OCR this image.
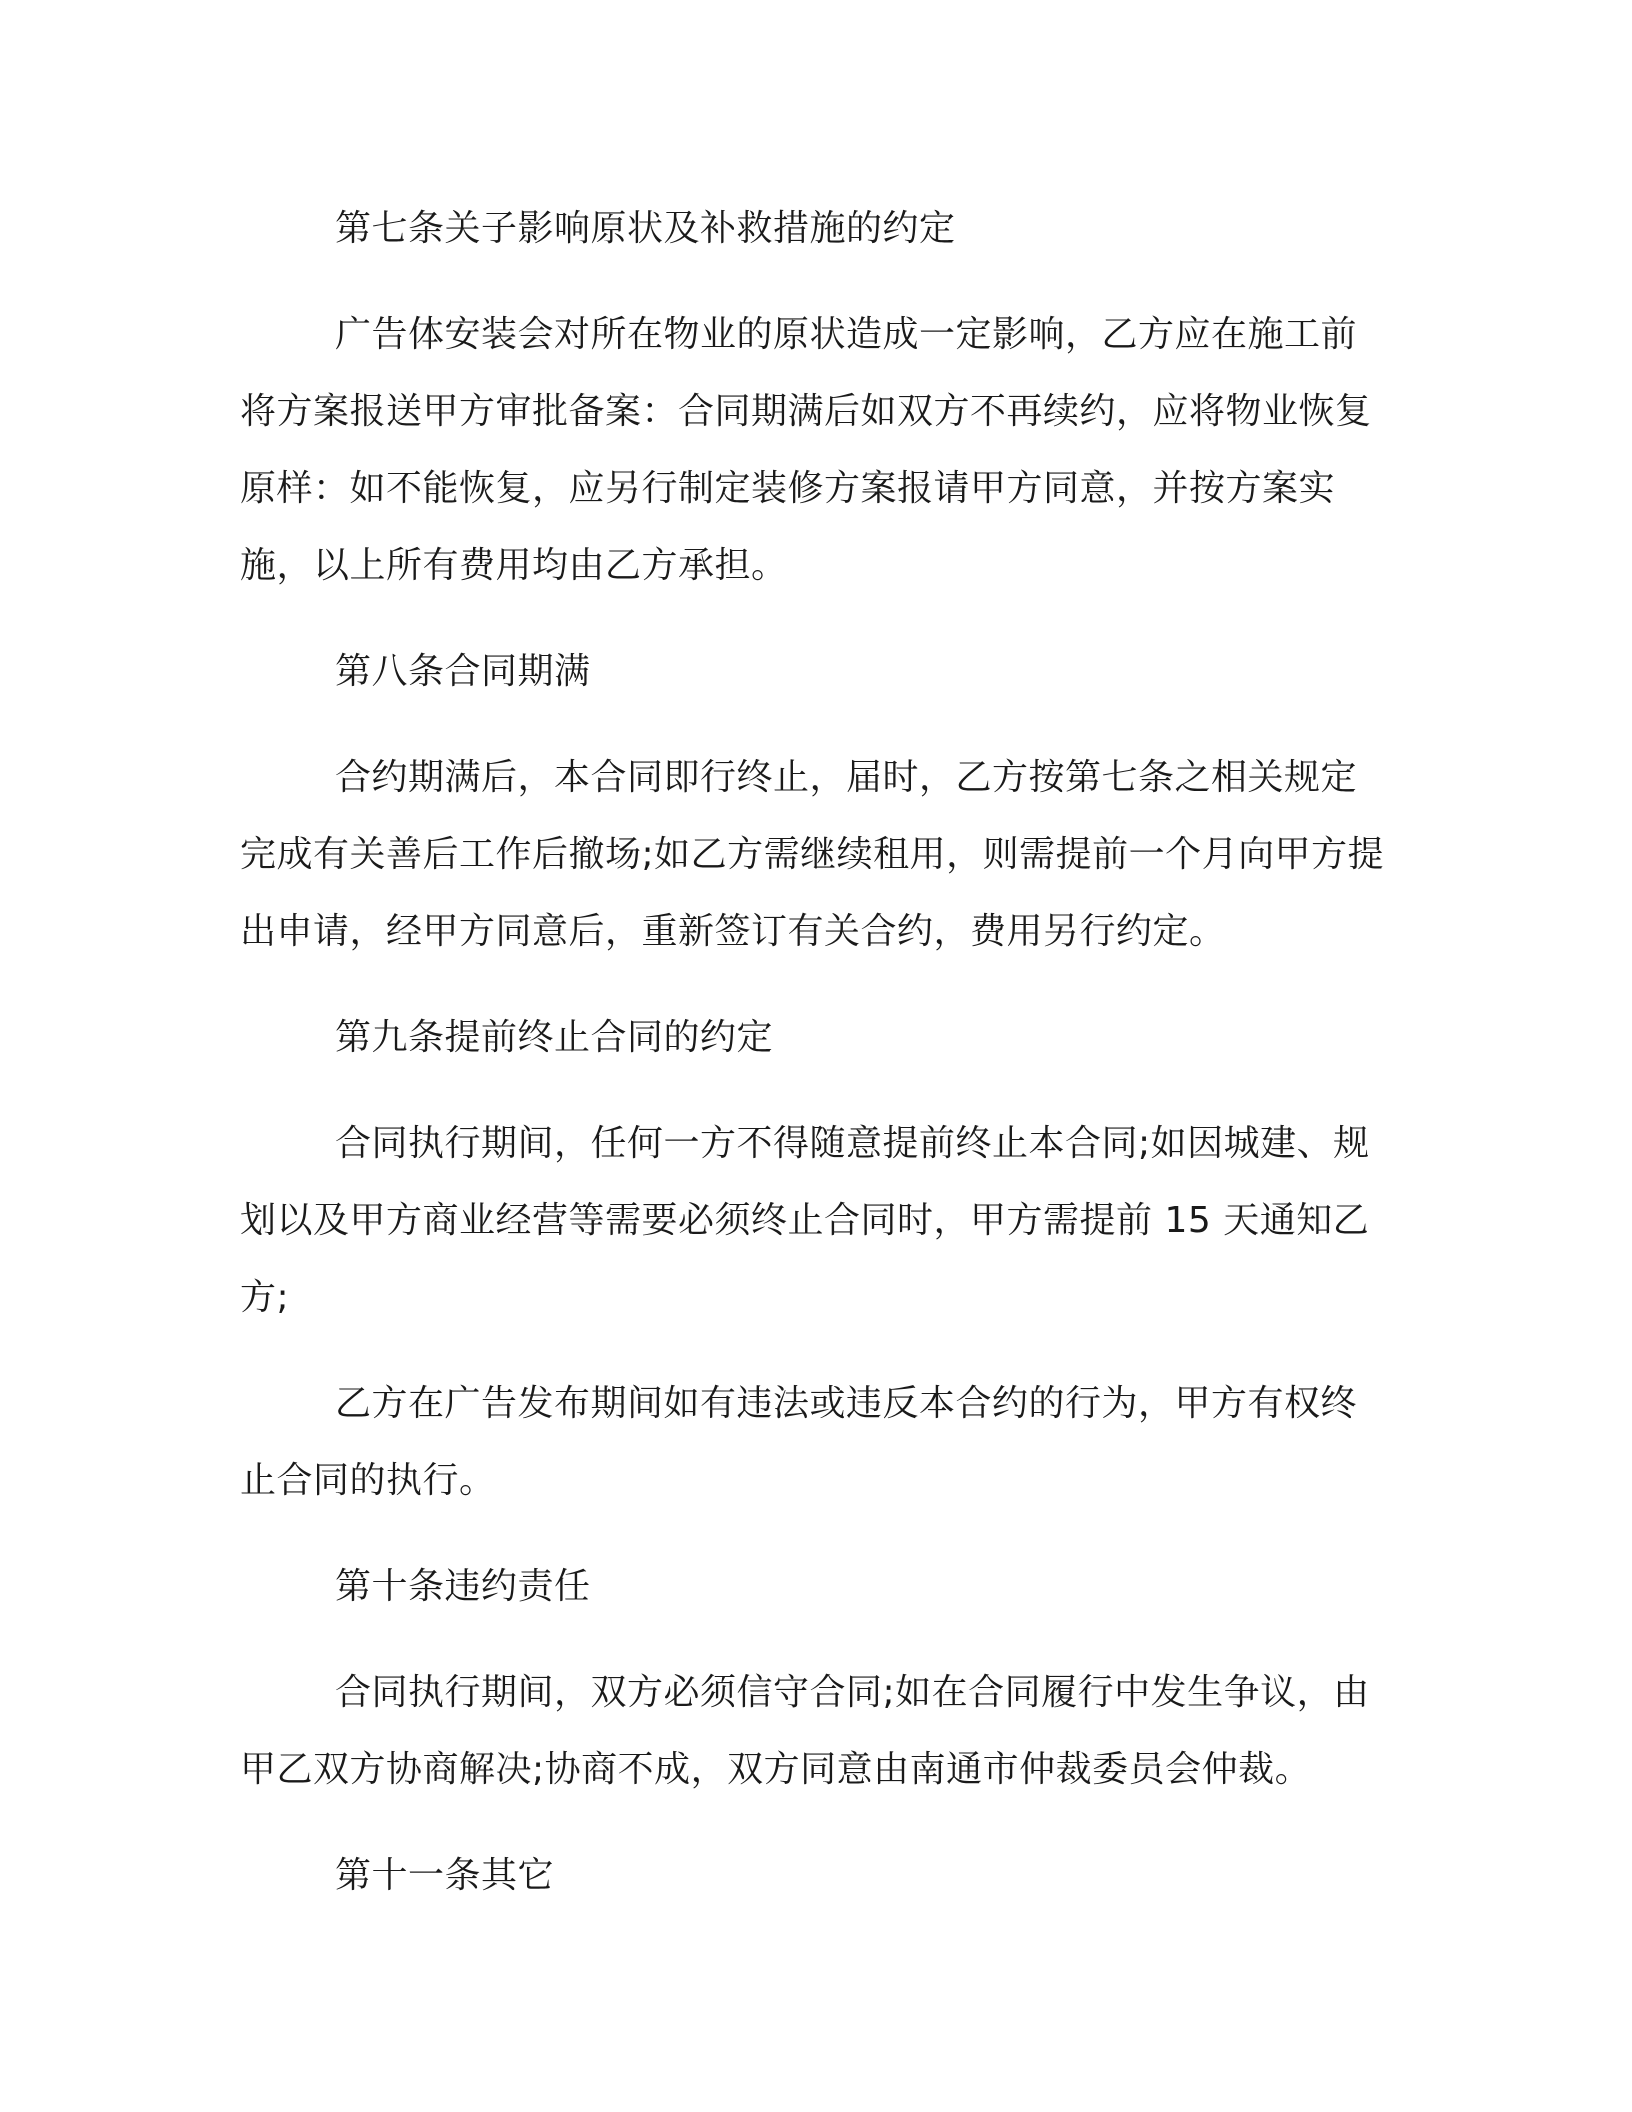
第七条关子影响原状及补救措施的约定

广告体安装会对所在物业的原状造成一定影响，乙方应在施工前将方案报送甲方审批备案：合同期满后如双方不再续约，应将物业恢复原样：如不能恢复，应另行制定装修方案报请甲方同意，并按方案实施，以上所有费用均由乙方承担。

第八条合同期满

合约期满后，本合同即行终止，届时，乙方按第七条之相关规定完成有关善后工作后撤场;如乙方需继续租用，则需提前一个月向甲方提出申请，经甲方同意后，重新签订有关合约，费用另行约定。

第九条提前终止合同的约定

合同执行期间，任何一方不得随意提前终止本合同;如因城建、规划以及甲方商业经营等需要必须终止合同时，甲方需提前 15 天通知乙方;

乙方在广告发布期间如有违法或违反本合约的行为，甲方有权终止合同的执行。

第十条违约责任

合同执行期间，双方必须信守合同;如在合同履行中发生争议，由甲乙双方协商解决;协商不成，双方同意由南通市仲裁委员会仲裁。

第十一条其它
